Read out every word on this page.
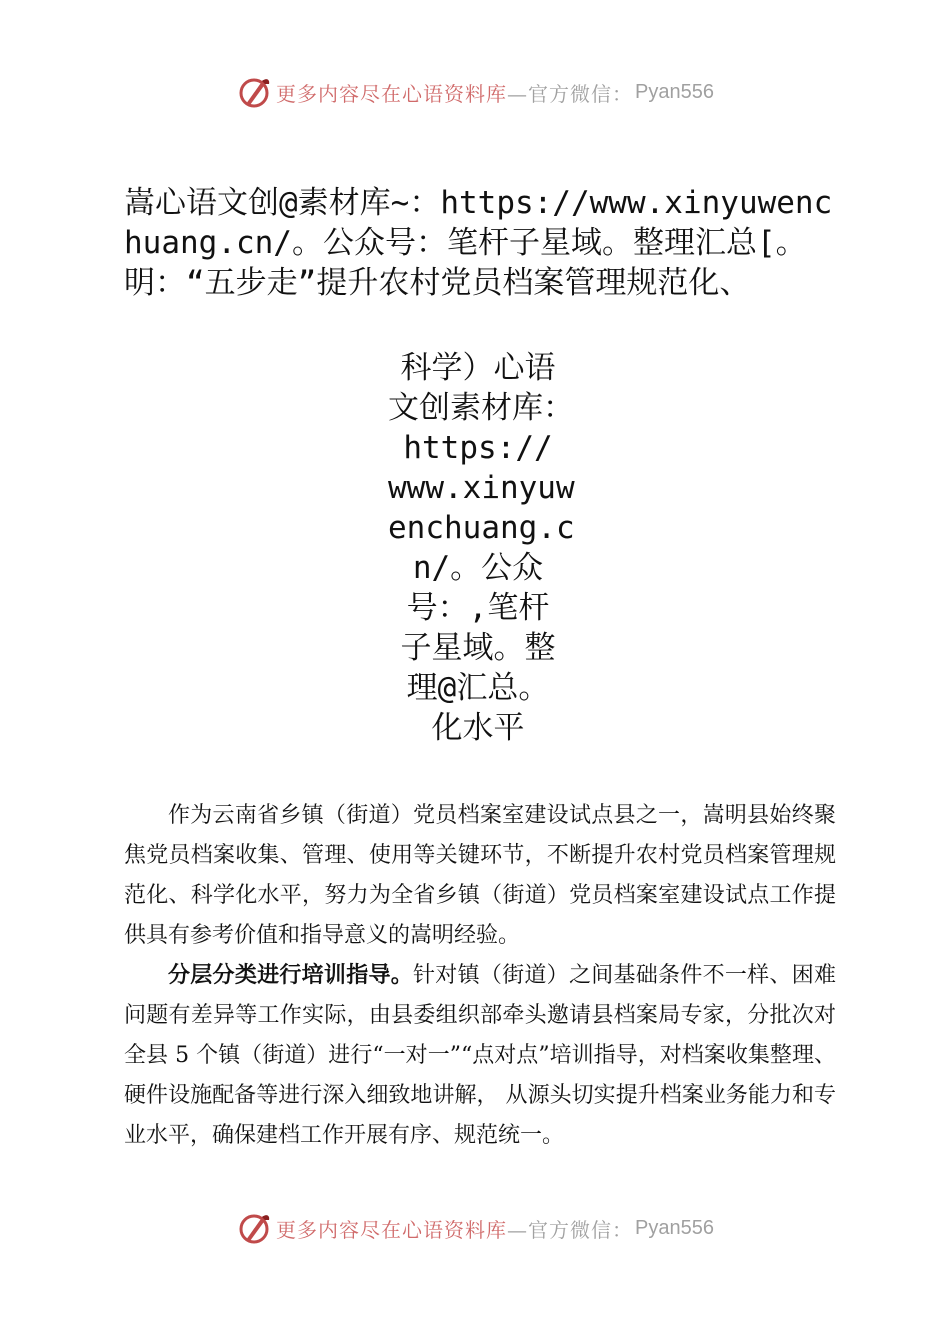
更多内容尽在心语资料库 —官方微信： Pyan556
嵩心语文创@素材库~：https://www.xinyuwenchuang.cn/。公众号：笔杆子星域。整理汇总[。明：“五步走”提升农村党员档案管理规范化、
科学）心语
文创素材库：
https://
www.xinyuw
enchuang.c
n/。公众
号：,笔杆
子星域。整
理@汇总。
化水平

作为云南省乡镇（街道）党员档案室建设试点县之一，嵩明县始终聚焦党员档案收集、管理、使用等关键环节，不断提升农村党员档案管理规范化、科学化水平，努力为全省乡镇（街道）党员档案室建设试点工作提供具有参考价值和指导意义的嵩明经验。

分层分类进行培训指导。针对镇（街道）之间基础条件不一样、困难问题有差异等工作实际，由县委组织部牵头邀请县档案局专家，分批次对全县 5 个镇（街道）进行“一对一”“点对点”培训指导，对档案收集整理、硬件设施配备等进行深入细致地讲解， 从源头切实提升档案业务能力和专业水平，确保建档工作开展有序、规范统一。

更多内容尽在心语资料库 —官方微信： Pyan556
